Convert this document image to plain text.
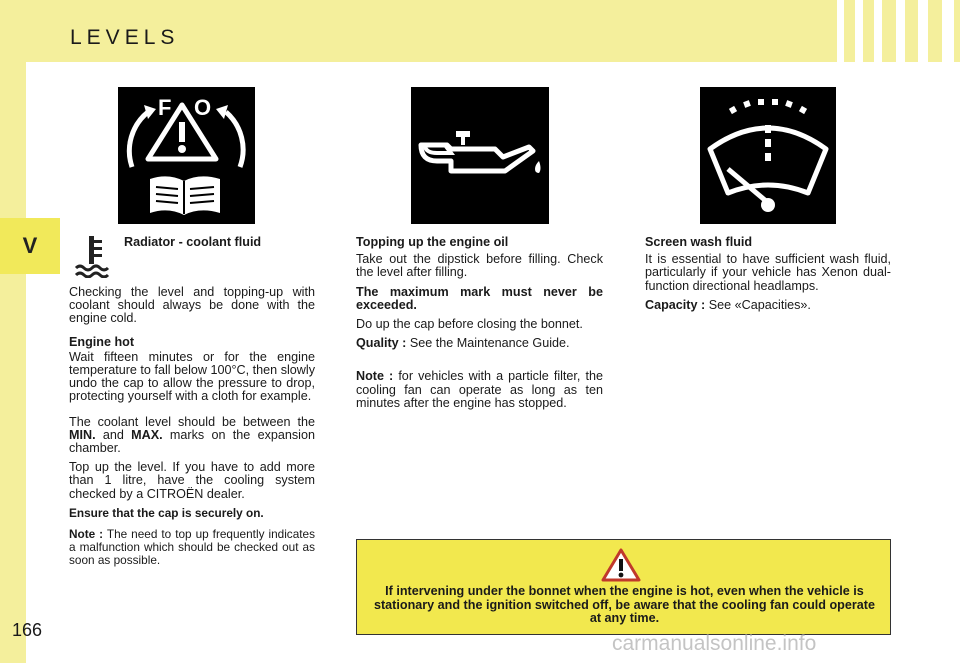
LEVELS
V
166
F O
Radiator - coolant fluid

Checking the level and topping-up with coolant should always be done with the engine cold.

Engine hot

Wait fifteen minutes or for the engine temperature to fall below 100°C, then slowly undo the cap to allow the pressure to drop, protecting yourself with a cloth for example.

The coolant level should be between the MIN. and MAX. marks on the expansion chamber.

Top up the level. If you have to add more than 1 litre, have the cooling system checked by a CITROËN dealer.

Ensure that the cap is securely on.

Note : The need to top up frequently indicates a malfunction which should be checked out as soon as possible.

Topping up the engine oil

Take out the dipstick before filling. Check the level after filling.

The maximum mark must never be exceeded.

Do up the cap before closing the bonnet.

Quality : See the Maintenance Guide.

Note : for vehicles with a particle filter, the cooling fan can operate as long as ten minutes after the engine has stopped.

Screen wash fluid

It is essential to have sufficient wash fluid, particularly if your vehicle has Xenon dual-function directional headlamps.

Capacity : See «Capacities».

If intervening under the bonnet when the engine is hot, even when the vehicle is stationary and the ignition switched off, be aware that the cooling fan could operate at any time.
carmanualsonline.info
